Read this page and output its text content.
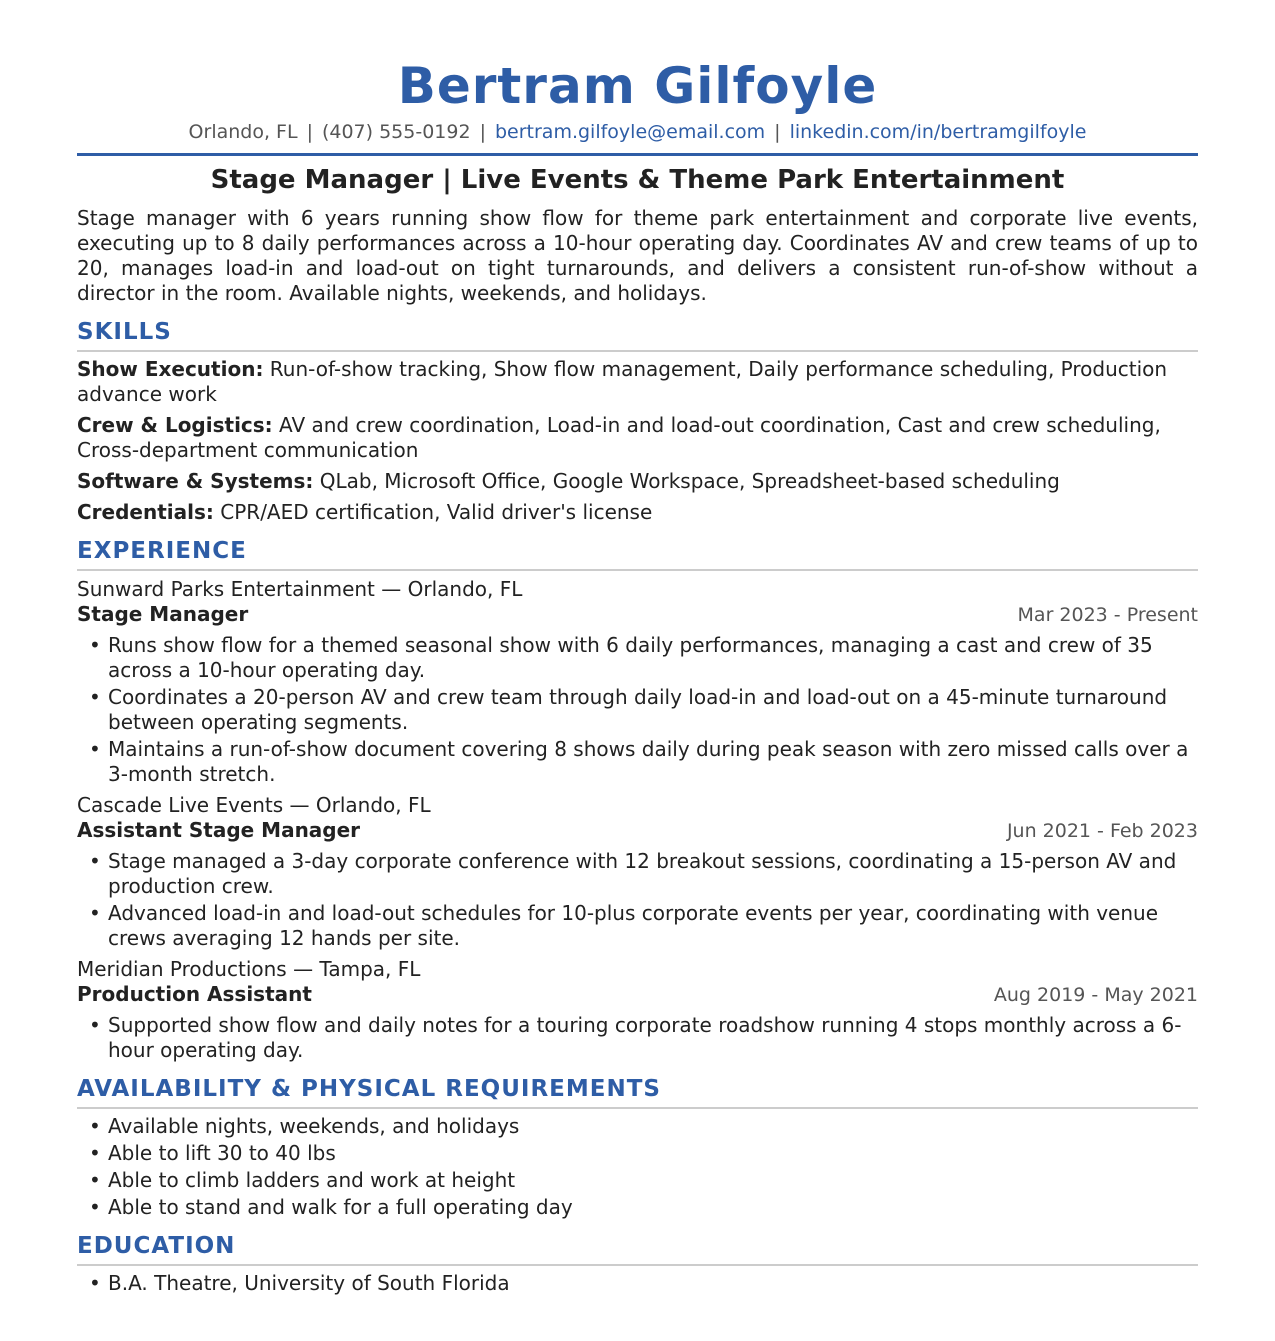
Bertram Gilfoyle
Orlando, FL | (407) 555-0192 | bertram.gilfoyle@email.com | linkedin.com/in/bertramgilfoyle
Stage Manager | Live Events & Theme Park Entertainment
Stage manager with 6 years running show flow for theme park entertainment and corporate live events, executing up to 8 daily performances across a 10-hour operating day. Coordinates AV and crew teams of up to 20, manages load-in and load-out on tight turnarounds, and delivers a consistent run-of-show without a director in the room. Available nights, weekends, and holidays.
SKILLS
Show Execution: Run-of-show tracking, Show flow management, Daily performance scheduling, Production advance work
Crew & Logistics: AV and crew coordination, Load-in and load-out coordination, Cast and crew scheduling, Cross-department communication
Software & Systems: QLab, Microsoft Office, Google Workspace, Spreadsheet-based scheduling
Credentials: CPR/AED certification, Valid driver's license
EXPERIENCE
Sunward Parks Entertainment — Orlando, FL
Stage Manager	Mar 2023 - Present
• Runs show flow for a themed seasonal show with 6 daily performances, managing a cast and crew of 35 across a 10-hour operating day.
• Coordinates a 20-person AV and crew team through daily load-in and load-out on a 45-minute turnaround between operating segments.
• Maintains a run-of-show document covering 8 shows daily during peak season with zero missed calls over a 3-month stretch.
Cascade Live Events — Orlando, FL
Assistant Stage Manager	Jun 2021 - Feb 2023
• Stage managed a 3-day corporate conference with 12 breakout sessions, coordinating a 15-person AV and production crew.
• Advanced load-in and load-out schedules for 10-plus corporate events per year, coordinating with venue crews averaging 12 hands per site.
Meridian Productions — Tampa, FL
Production Assistant	Aug 2019 - May 2021
• Supported show flow and daily notes for a touring corporate roadshow running 4 stops monthly across a 6-hour operating day.
AVAILABILITY & PHYSICAL REQUIREMENTS
• Available nights, weekends, and holidays
• Able to lift 30 to 40 lbs
• Able to climb ladders and work at height
• Able to stand and walk for a full operating day
EDUCATION
• B.A. Theatre, University of South Florida
